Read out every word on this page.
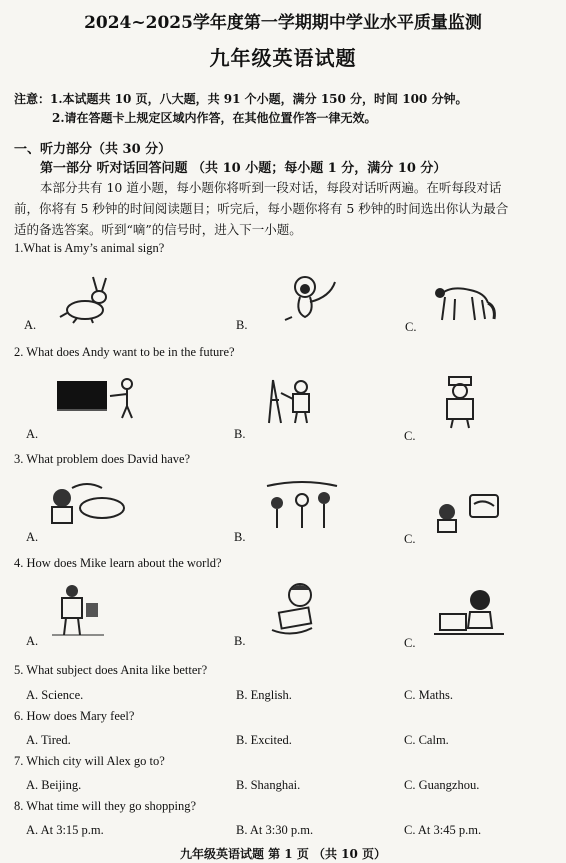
2024~2025学年度第一学期期中学业水平质量监测
九年级英语试题
注意：1.本试题共 10 页，八大题，共 91 个小题，满分 150 分，时间 100 分钟。
2.请在答题卡上规定区域内作答，在其他位置作答一律无效。
一、听力部分（共 30 分）
第一部分 听对话回答问题 （共 10 小题；每小题 1 分，满分 10 分）
本部分共有 10 道小题，每小题你将听到一段对话，每段对话听两遍。在听每段对话
前，你将有 5 秒钟的时间阅读题目；听完后，每小题你将有 5 秒钟的时间选出你认为最合
适的备选答案。听到“嘀”的信号时，进入下一小题。
1.What is Amy’s animal sign?
A.	B.	C.
2. What does Andy want to be in the future?
A.	B.	C.
3. What problem does David have?
A.	B.	C.
4. How does Mike learn about the world?
A.	B.	C.
5. What subject does Anita like better?
A. Science.	B. English.	C. Maths.
6. How does Mary feel?
A. Tired.	B. Excited.	C. Calm.
7. Which city will Alex go to?
A. Beijing.	B. Shanghai.	C. Guangzhou.
8. What time will they go shopping?
A. At 3:15 p.m.	B. At 3:30 p.m.	C. At 3:45 p.m.
九年级英语试题 第 1 页 （共 10 页）
